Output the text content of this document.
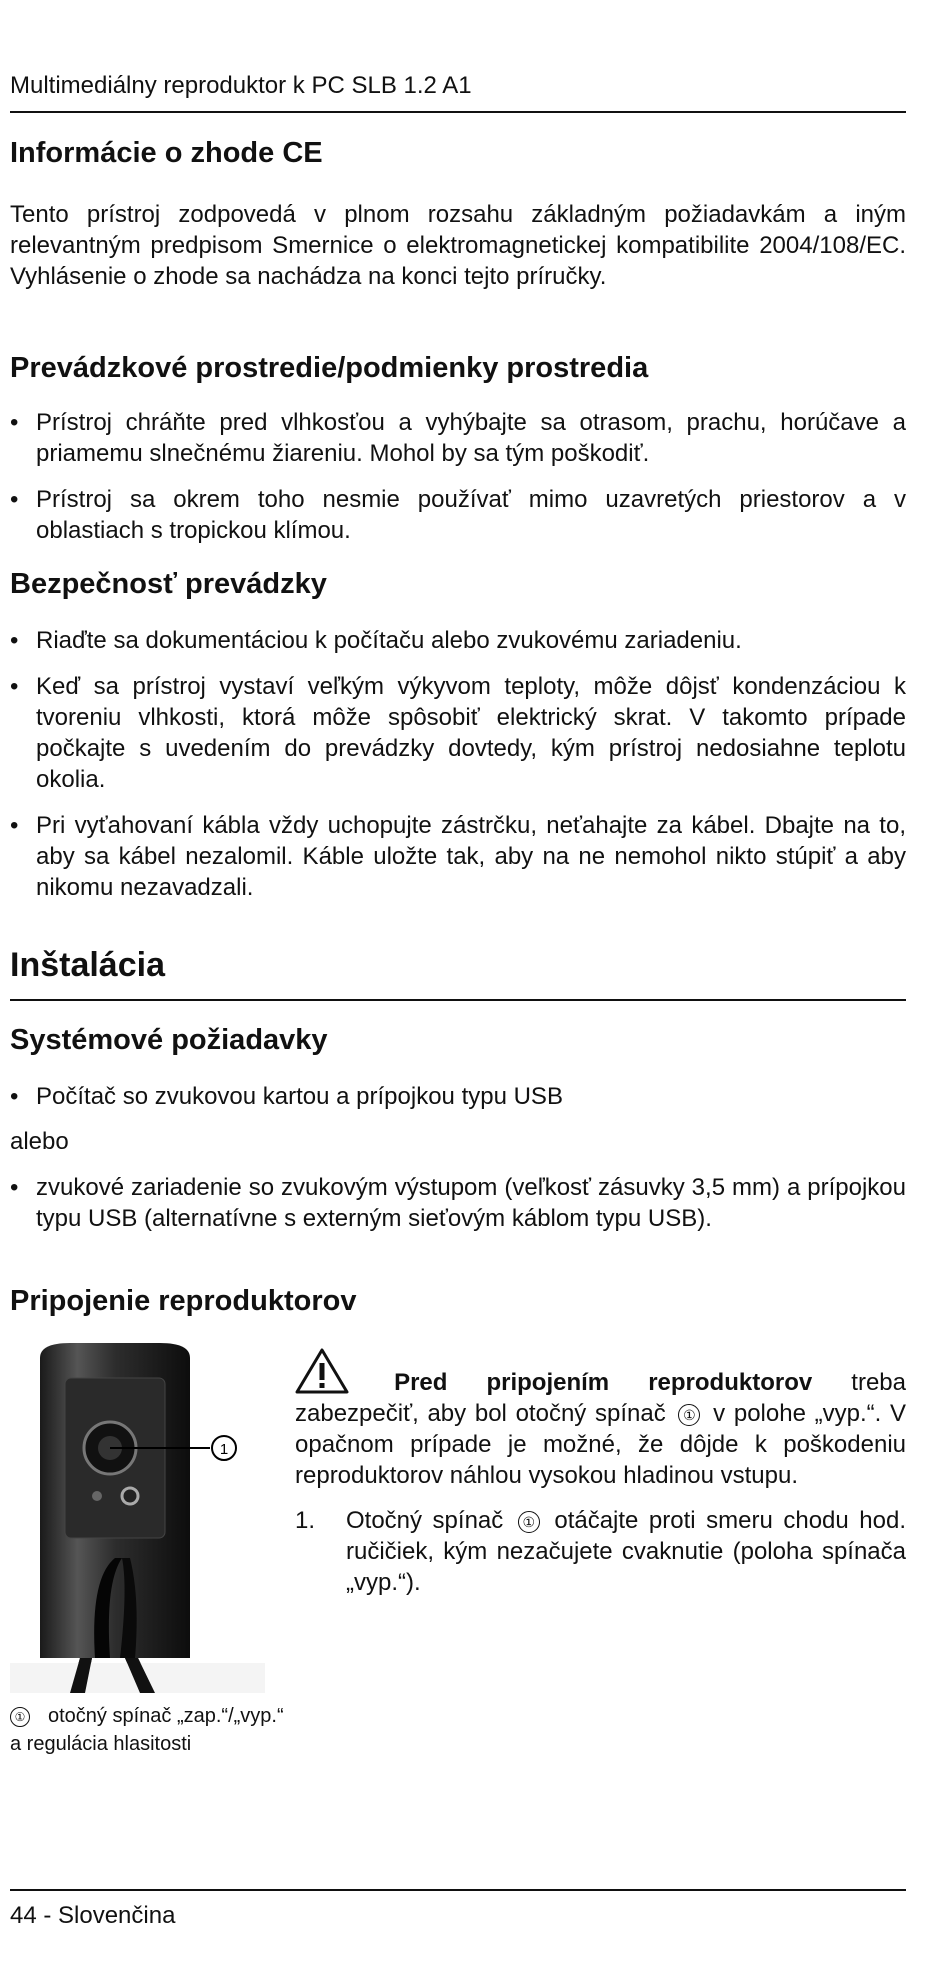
Multimediálny reproduktor k PC SLB 1.2 A1
Informácie o zhode CE

Tento prístroj zodpovedá v plnom rozsahu základným požiadavkám a iným relevantným predpisom Smernice o elektromagnetickej kompatibilite 2004/108/EC. Vyhlásenie o zhode sa nachádza na konci tejto príručky.

Prevádzkové prostredie/podmienky prostredia
• Prístroj chráňte pred vlhkosťou a vyhýbajte sa otrasom, prachu, horúčave a priamemu slnečnému žiareniu. Mohol by sa tým poškodiť.
• Prístroj sa okrem toho nesmie používať mimo uzavretých priestorov a v oblastiach s tropickou klímou.
Bezpečnosť prevádzky
• Riaďte sa dokumentáciou k počítaču alebo zvukovému zariadeniu.
• Keď sa prístroj vystaví veľkým výkyvom teploty, môže dôjsť kondenzáciou k tvoreniu vlhkosti, ktorá môže spôsobiť elektrický skrat. V takomto prípade počkajte s uvedením do prevádzky dovtedy, kým prístroj nedosiahne teplotu okolia.
• Pri vyťahovaní kábla vždy uchopujte zástrčku, neťahajte za kábel. Dbajte na to, aby sa kábel nezalomil. Káble uložte tak, aby na ne nemohol nikto stúpiť a aby nikomu nezavadzali.
Inštalácia
Systémové požiadavky
• Počítač so zvukovou kartou a prípojkou typu USB

alebo

• zvukové zariadenie so zvukovým výstupom (veľkosť zásuvky 3,5 mm) a prípojkou typu USB (alternatívne s externým sieťovým káblom typu USB).
Pripojenie reproduktorov
1
① otočný spínač „zap.“/„vyp.“ a regulácia hlasitosti
Pred pripojením reproduktorov treba zabezpečiť, aby bol otočný spínač ① v polohe „vyp.“. V opačnom prípade je možné, že dôjde k poškodeniu reproduktorov náhlou vysokou hladinou vstupu.
1. Otočný spínač ① otáčajte proti smeru chodu hod. ručičiek, kým nezačujete cvaknutie (poloha spínača „vyp.“).
44 - Slovenčina
